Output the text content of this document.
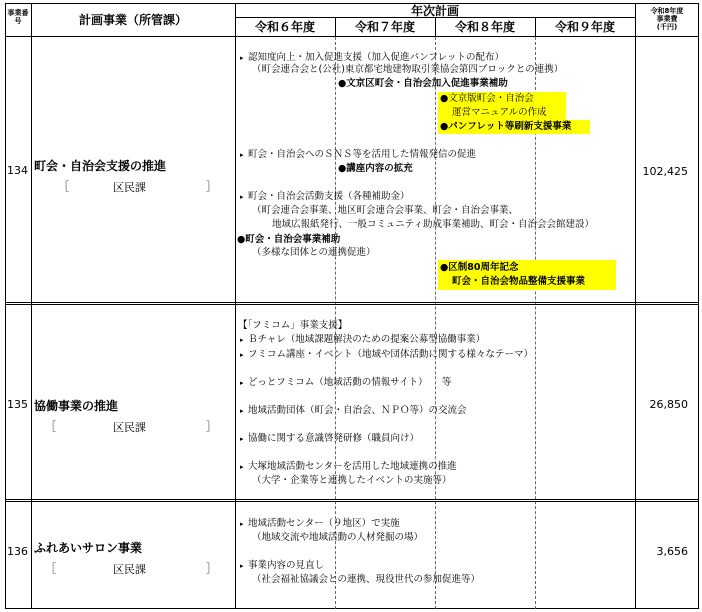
事業番
号	計画事業（所管課）
年次計画
令和６年度	令和７年度	令和８年度	令和９年度
令和8年度
事業費
(千円)
134 町会・自治会支援の推進
［	区民課	］
102,425
▸ 認知度向上・加入促進支援（加入促進パンフレットの配布）
（町会連合会と(公社)東京都宅地建物取引業協会第四ブロックとの連携）
●文京区町会・自治会加入促進事業補助
●文京版町会・自治会
運営マニュアルの作成
●パンフレット等刷新支援事業
▸ 町会・自治会へのＳＮＳ等を活用した情報発信の促進
●講座内容の拡充
▸ 町会・自治会活動支援（各種補助金）
（町会連合会事業、地区町会連合会事業、町会・自治会事業、
地域広報紙発行、一般コミュニティ助成事業補助、町会・自治会会館建設）
●町会・自治会事業補助
（多様な団体との連携促進）
●区制80周年記念
町会・自治会物品整備支援事業
135 協働事業の推進
［	区民課	］
26,850
【「フミコム」事業支援】
▸ Ｂチャレ（地域課題解決のための提案公募型協働事業）
▸ フミコム講座・イベント（地域や団体活動に関する様々なテーマ）
▸ どっとフミコム（地域活動の情報サイト）　　等
▸ 地域活動団体（町会・自治会、ＮＰＯ等）の交流会
▸ 協働に関する意識啓発研修（職員向け）
▸ 大塚地域活動センターを活用した地域連携の推進
（大学・企業等と連携したイベントの実施等）
136 ふれあいサロン事業
［	区民課	］
3,656
▸ 地域活動センター（９地区）で実施
（地域交流や地域活動の人材発掘の場）
▸ 事業内容の見直し
（社会福祉協議会との連携、現役世代の参加促進等）
